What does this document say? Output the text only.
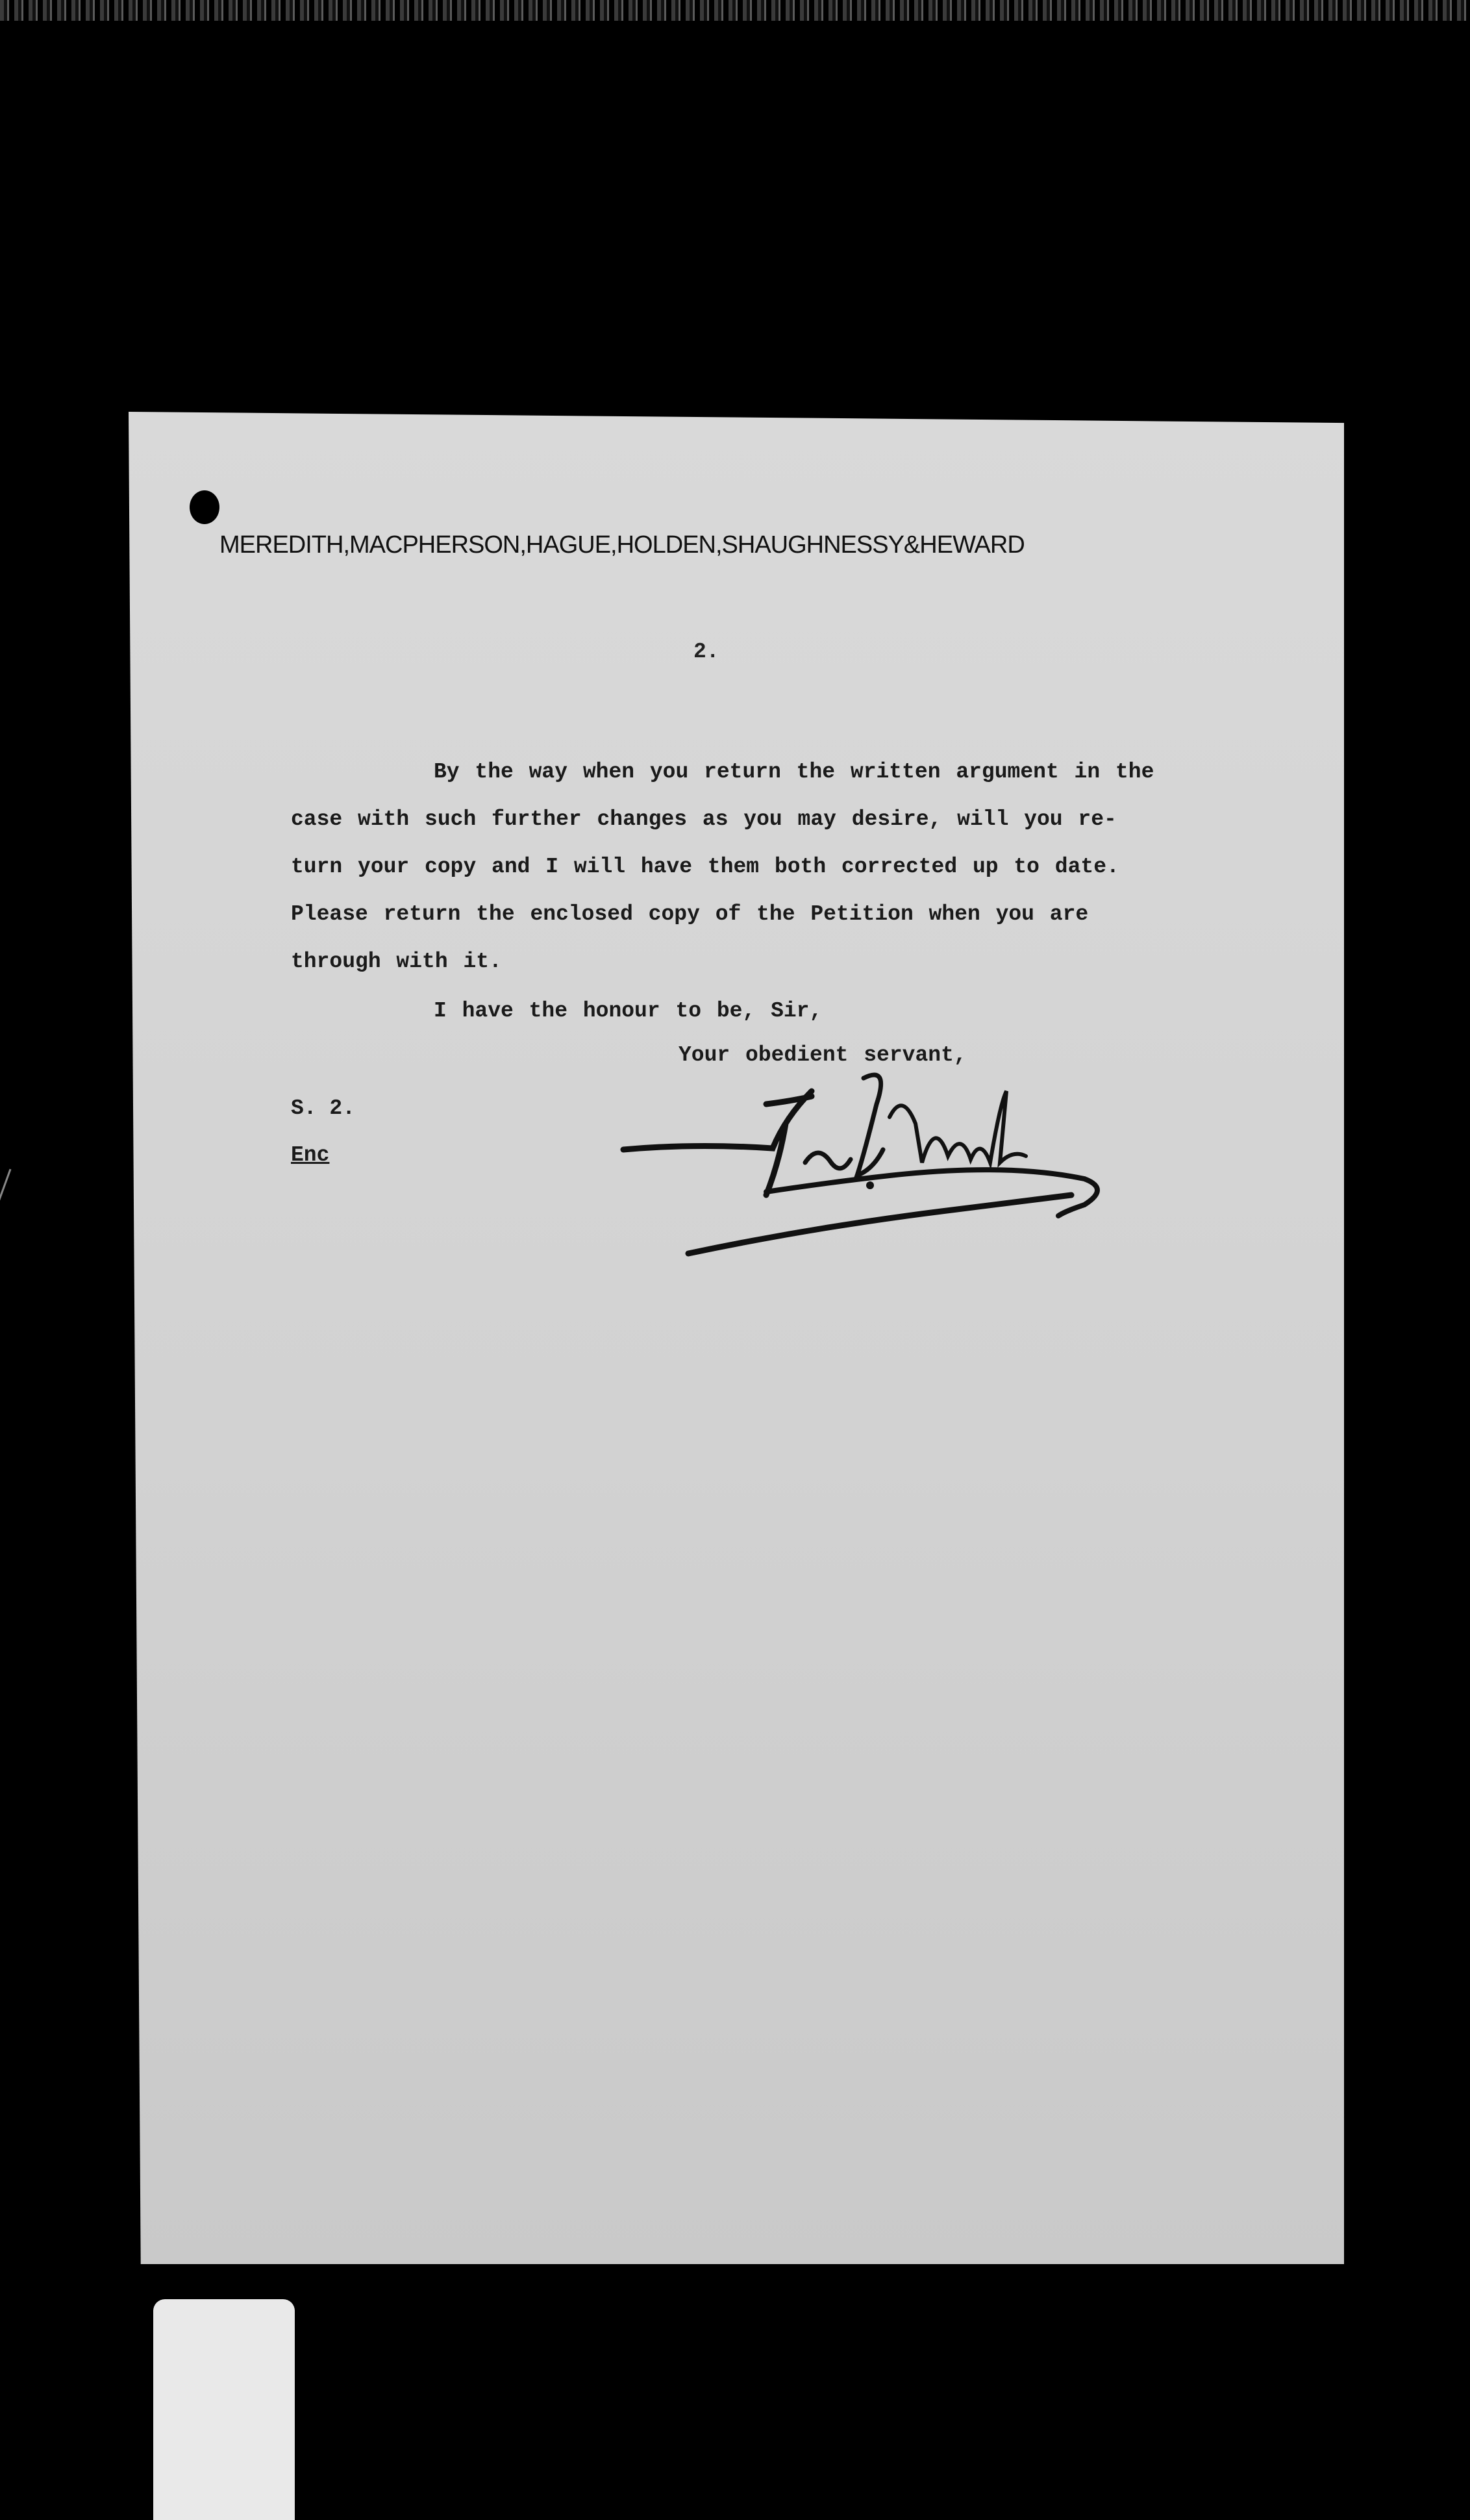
MEREDITH,MACPHERSON,HAGUE,HOLDEN,SHAUGHNESSY&HEWARD
2.
By the way when you return the written argument in the
case with such further changes as you may desire, will you re-
turn your copy and I will have them both corrected up to date.
Please return the enclosed copy of the Petition when you are
through with it.
I have the honour to be, Sir,
Your obedient servant,
S. 2.
Enc
